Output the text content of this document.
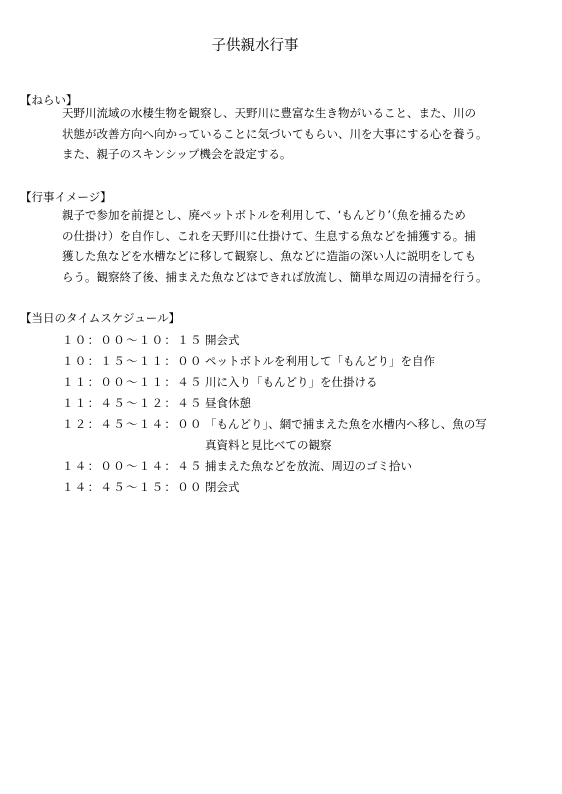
子供親水行事
【ねらい】
天野川流域の水棲生物を観察し、天野川に豊富な生き物がいること、また、川の
状態が改善方向へ向かっていることに気づいてもらい、川を大事にする心を養う。
また、親子のスキンシップ機会を設定する。
【行事イメージ】
親子で参加を前提とし、廃ペットボトルを利用して、‘もんどり’（魚を捕るため
の仕掛け）を自作し、これを天野川に仕掛けて、生息する魚などを捕獲する。捕
獲した魚などを水槽などに移して観察し、魚などに造詣の深い人に説明をしても
らう。観察終了後、捕まえた魚などはできれば放流し、簡単な周辺の清掃を行う。
【当日のタイムスケジュール】
１０：００～１０：１５ 開会式
１０：１５～１１：００ ペットボトルを利用して「もんどり」を自作
１１：００～１１：４５ 川に入り「もんどり」を仕掛ける
１１：４５～１２：４５ 昼食休憩
１２：４５～１４：００ 「もんどり」、網で捕まえた魚を水槽内へ移し、魚の写
真資料と見比べての観察
１４：００～１４：４５ 捕まえた魚などを放流、周辺のゴミ拾い
１４：４５～１５：００ 閉会式
